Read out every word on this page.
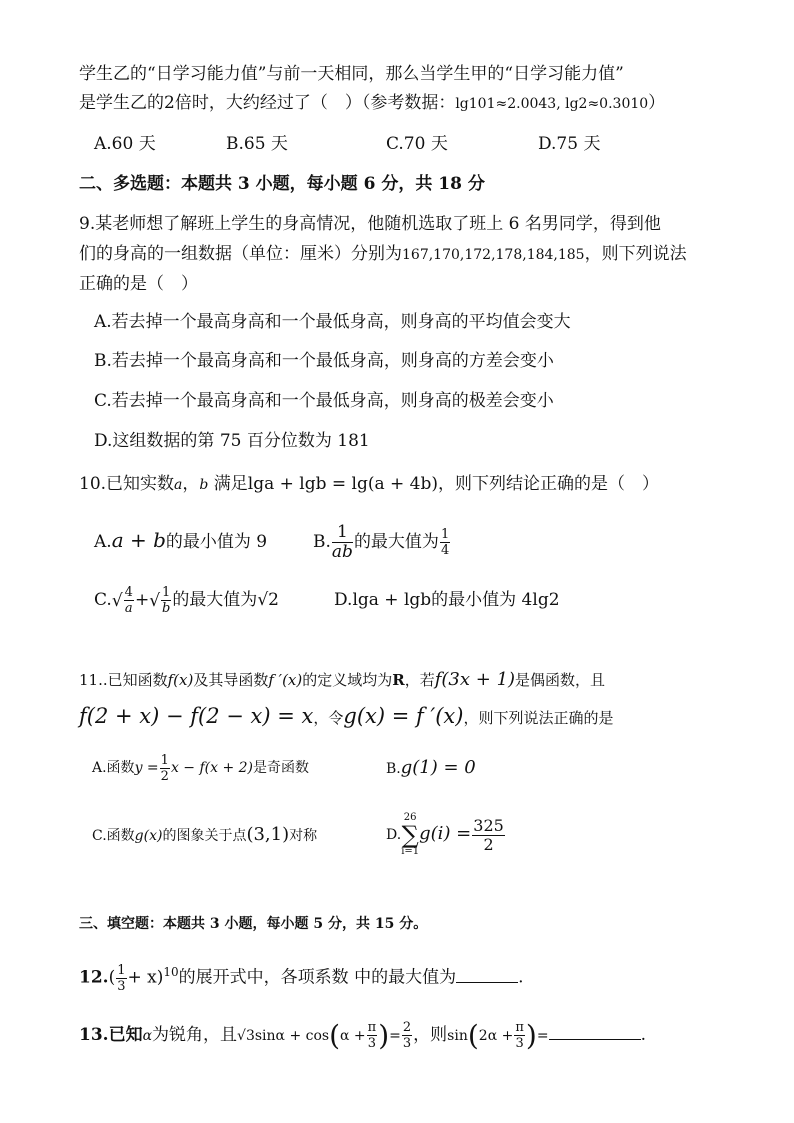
学生乙的“日学习能力值”与前一天相同，那么当学生甲的“日学习能力值”
是学生乙的2倍时，大约经过了（　）（参考数据：lg101≈2.0043, lg2≈0.3010）
A.60 天	B.65 天	C.70 天	D.75 天
二、多选题：本题共 3 小题，每小题 6 分，共 18 分
9.某老师想了解班上学生的身高情况，他随机选取了班上 6 名男同学，得到他
们的身高的一组数据（单位：厘米）分别为167,170,172,178,184,185，则下列说法
正确的是（　）
A.若去掉一个最高身高和一个最低身高，则身高的平均值会变大
B.若去掉一个最高身高和一个最低身高，则身高的方差会变小
C.若去掉一个最高身高和一个最低身高，则身高的极差会变小
D.这组数据的第 75 百分位数为 181
10.已知实数a，b 满足lga + lgb = lg(a + 4b)，则下列结论正确的是（　）
A.a + b的最小值为 9	B. $\frac{1}{ab}$ 的最大值为 $\frac{1}{4}$
$C.√ \frac{4}{a}$ +√ $\frac{1}{b}$ 的最大值为√2	D.lga + lgb的最小值为 4lg2
11..已知函数f(x)及其导函数f ′(x)的定义域均为R，若f(3x + 1)是偶函数，且
f(2 + x) − f(2 − x) = x，令g(x) = f ′(x)，则下列说法正确的是
A.函数$y = \frac{1}{2}$ x − f(x + 2)是奇函数	B.g(1) = 0
C.函数g(x)的图象关于点(3,1)对称	D.
26
∑
i=1
$g(i) = \frac{325}{2}$
三、填空题：本题共 3 小题，每小题 5 分，共 15 分。
$12.( \frac{1}{3} + x)^{10}$的展开式中，各项系数 中的最大值为	.
13.已知α为锐角，且$√3\sin\alpha + \cos(\alpha + \frac{\pi}{3}$ )= $\frac{2}{3}$ ，则$\sin(2\alpha + \frac{\pi}{3}$ )=	.
